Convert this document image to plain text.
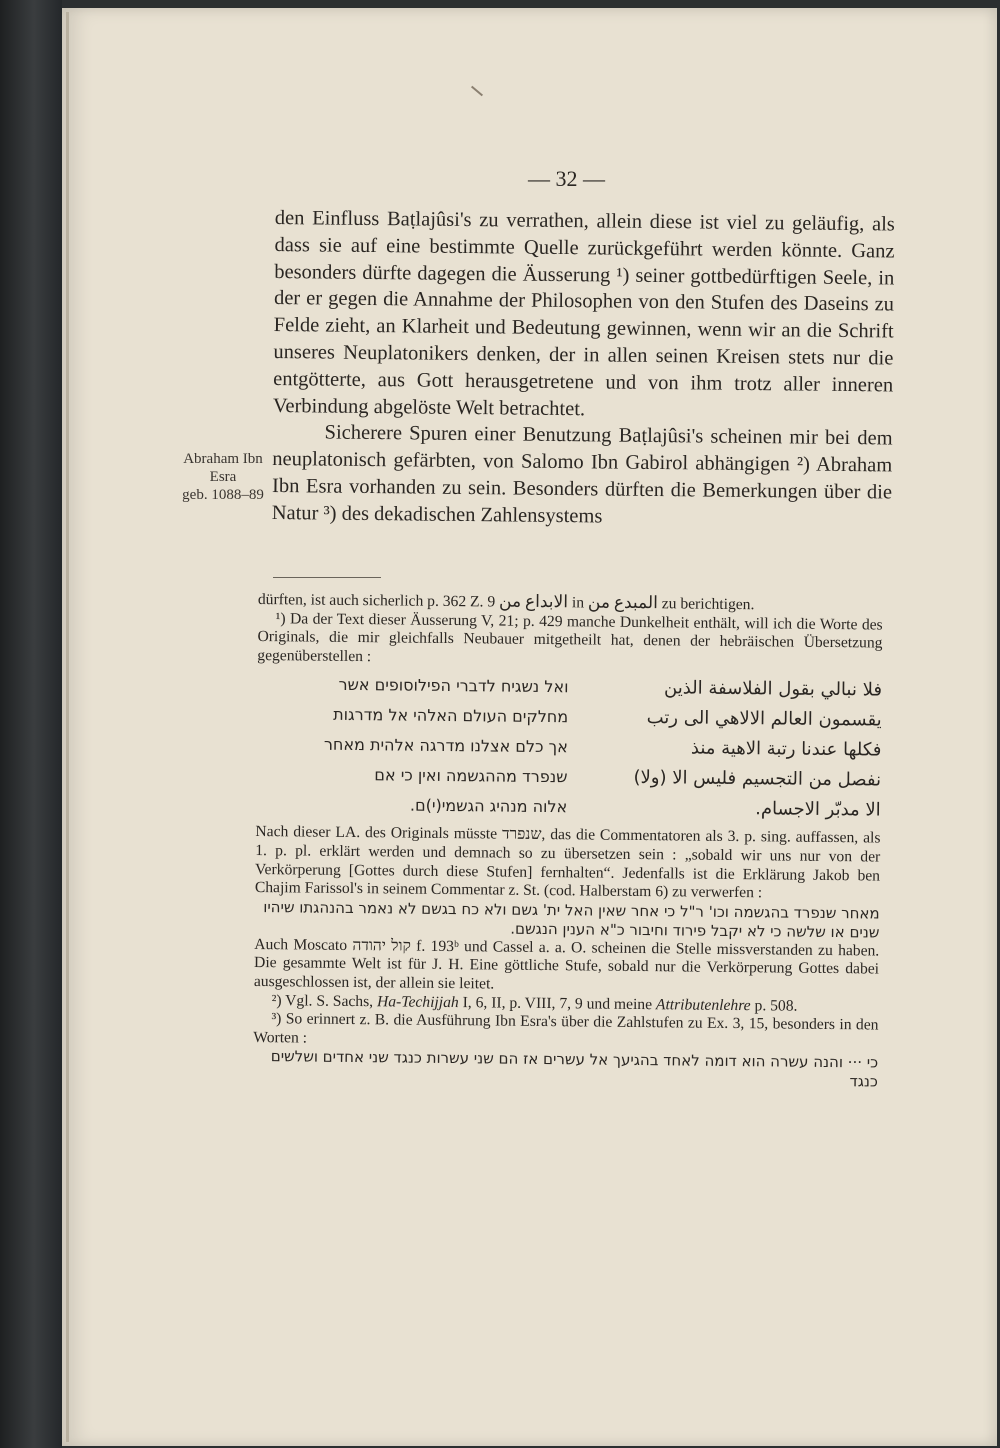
— 32 —
Abraham Ibn
Esra
geb. 1088–89

den Einfluss Baṭlajûsi's zu verrathen, allein diese ist viel zu geläufig, als dass sie auf eine bestimmte Quelle zurückgeführt werden könnte. Ganz besonders dürfte dagegen die Äusserung ¹) seiner gottbedürftigen Seele, in der er gegen die Annahme der Philosophen von den Stufen des Daseins zu Felde zieht, an Klarheit und Bedeutung gewinnen, wenn wir an die Schrift unseres Neuplatonikers denken, der in allen seinen Kreisen stets nur die entgötterte, aus Gott herausgetretene und von ihm trotz aller inneren Verbindung abgelöste Welt betrachtet.

Sicherere Spuren einer Benutzung Baṭlajûsi's scheinen mir bei dem neuplatonisch gefärbten, von Salomo Ibn Gabirol abhängigen ²) Abraham Ibn Esra vorhanden zu sein. Besonders dürften die Bemerkungen über die Natur ³) des dekadischen Zahlensystems

dürften, ist auch sicherlich p. 362 Z. 9 الابداع من	in المبدع من	zu berichtigen.

¹) Da der Text dieser Äusserung V, 21; p. 429 manche Dunkelheit enthält, will ich die Worte des Originals, die mir gleichfalls Neubauer mitgetheilt hat, denen der hebräischen Übersetzung gegenüberstellen :

ואל נשגיח לדברי הפילוסופים אשר	فلا نبالي بقول الفلاسفة الذين
מחלקים העולם האלהי אל מדרגות	يقسمون العالم الالاهي الى رتب
אך כלם אצלנו מדרגה אלהית מאחר	فكلها عندنا رتبة الاهية منذ
שנפרד מההגשמה ואין כי אם	نفصل من التجسيم فليس الا (ولا)
אלוה מנהיג הגשמי(י)ם.	الا مدبّر الاجسام.

Nach dieser LA. des Originals müsste שנפרד, das die Commentatoren als 3. p. sing. auffassen, als 1. p. pl. erklärt werden und demnach so zu übersetzen sein : „sobald wir uns nur von der Verkörperung [Gottes durch diese Stufen] fernhalten“. Jedenfalls ist die Erklärung Jakob ben Chajim Farissol's in seinem Commentar z. St. (cod. Halberstam 6) zu verwerfen :

מאחר שנפרד בהגשמה וכו' ר"ל כי אחר שאין האל ית' גשם ולא כח בגשם לא נאמר בהנהגתו שיהיו שנים או שלשה כי לא יקבל פירוד וחיבור כ"א הענין הנגשם.

Auch Moscato קול יהודה f. 193ᵇ und Cassel a. a. O. scheinen die Stelle missverstanden zu haben. Die gesammte Welt ist für J. H. Eine göttliche Stufe, sobald nur die Verkörperung Gottes dabei ausgeschlossen ist, der allein sie leitet.

²) Vgl. S. Sachs, Ha-Techijjah I, 6, II, p. VIII, 7, 9 und meine Attributenlehre p. 508.

³) So erinnert z. B. die Ausführung Ibn Esra's über die Zahlstufen zu Ex. 3, 15, besonders in den Worten :

כי ··· והנה עשרה הוא דומה לאחד בהגיעך אל עשרים אז הם שני עשרות כנגד שני אחדים ושלשים כנגד
